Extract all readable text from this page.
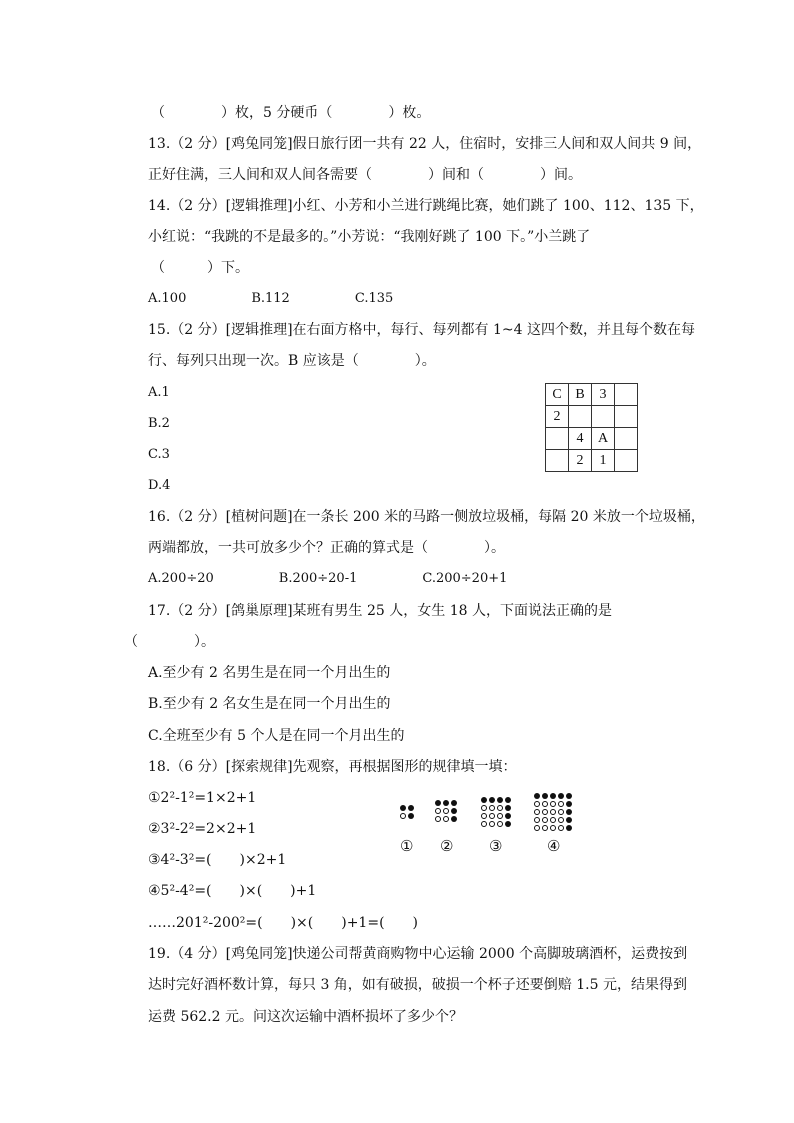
（　　　　）枚，5 分硬币（　　　　）枚。
13.（2 分）[鸡兔同笼]假日旅行团一共有 22 人，住宿时，安排三人间和双人间共 9 间，
正好住满，三人间和双人间各需要（　　　　）间和（　　　　）间。
14.（2 分）[逻辑推理]小红、小芳和小兰进行跳绳比赛，她们跳了 100、112、135 下，
小红说：“我跳的不是最多的。”小芳说：“我刚好跳了 100 下。”小兰跳了
（　　　）下。
A.100　　　　　B.112　　　　　C.135
15.（2 分）[逻辑推理]在右面方格中，每行、每列都有 1~4 这四个数，并且每个数在每
行、每列只出现一次。B 应该是（　　　　）。
A.1
B.2
C.3
D.4
16.（2 分）[植树问题]在一条长 200 米的马路一侧放垃圾桶，每隔 20 米放一个垃圾桶，
两端都放，一共可放多少个？正确的算式是（　　　　）。
A.200÷20　　　　　B.200÷20-1　　　　　C.200÷20+1
17.（2 分）[鸽巢原理]某班有男生 25 人，女生 18 人，下面说法正确的是
（　　　　）。
A.至少有 2 名男生是在同一个月出生的
B.至少有 2 名女生是在同一个月出生的
C.全班至少有 5 个人是在同一个月出生的
18.（6 分）[探索规律]先观察，再根据图形的规律填一填：
①2²-1²=1×2+1
②3²-2²=2×2+1
③4²-3²=(　　)×2+1
④5²-4²=(　　)×(　　)+1
……201²-200²=(　　)×(　　)+1=(　　)
19.（4 分）[鸡兔同笼]快递公司帮黄商购物中心运输 2000 个高脚玻璃酒杯，运费按到
达时完好酒杯数计算，每只 3 角，如有破损，破损一个杯子还要倒赔 1.5 元，结果得到
运费 562.2 元。问这次运输中酒杯损坏了多少个？
C	B	3	
2			
	4	A	
	2	1	
① ② ③	④
